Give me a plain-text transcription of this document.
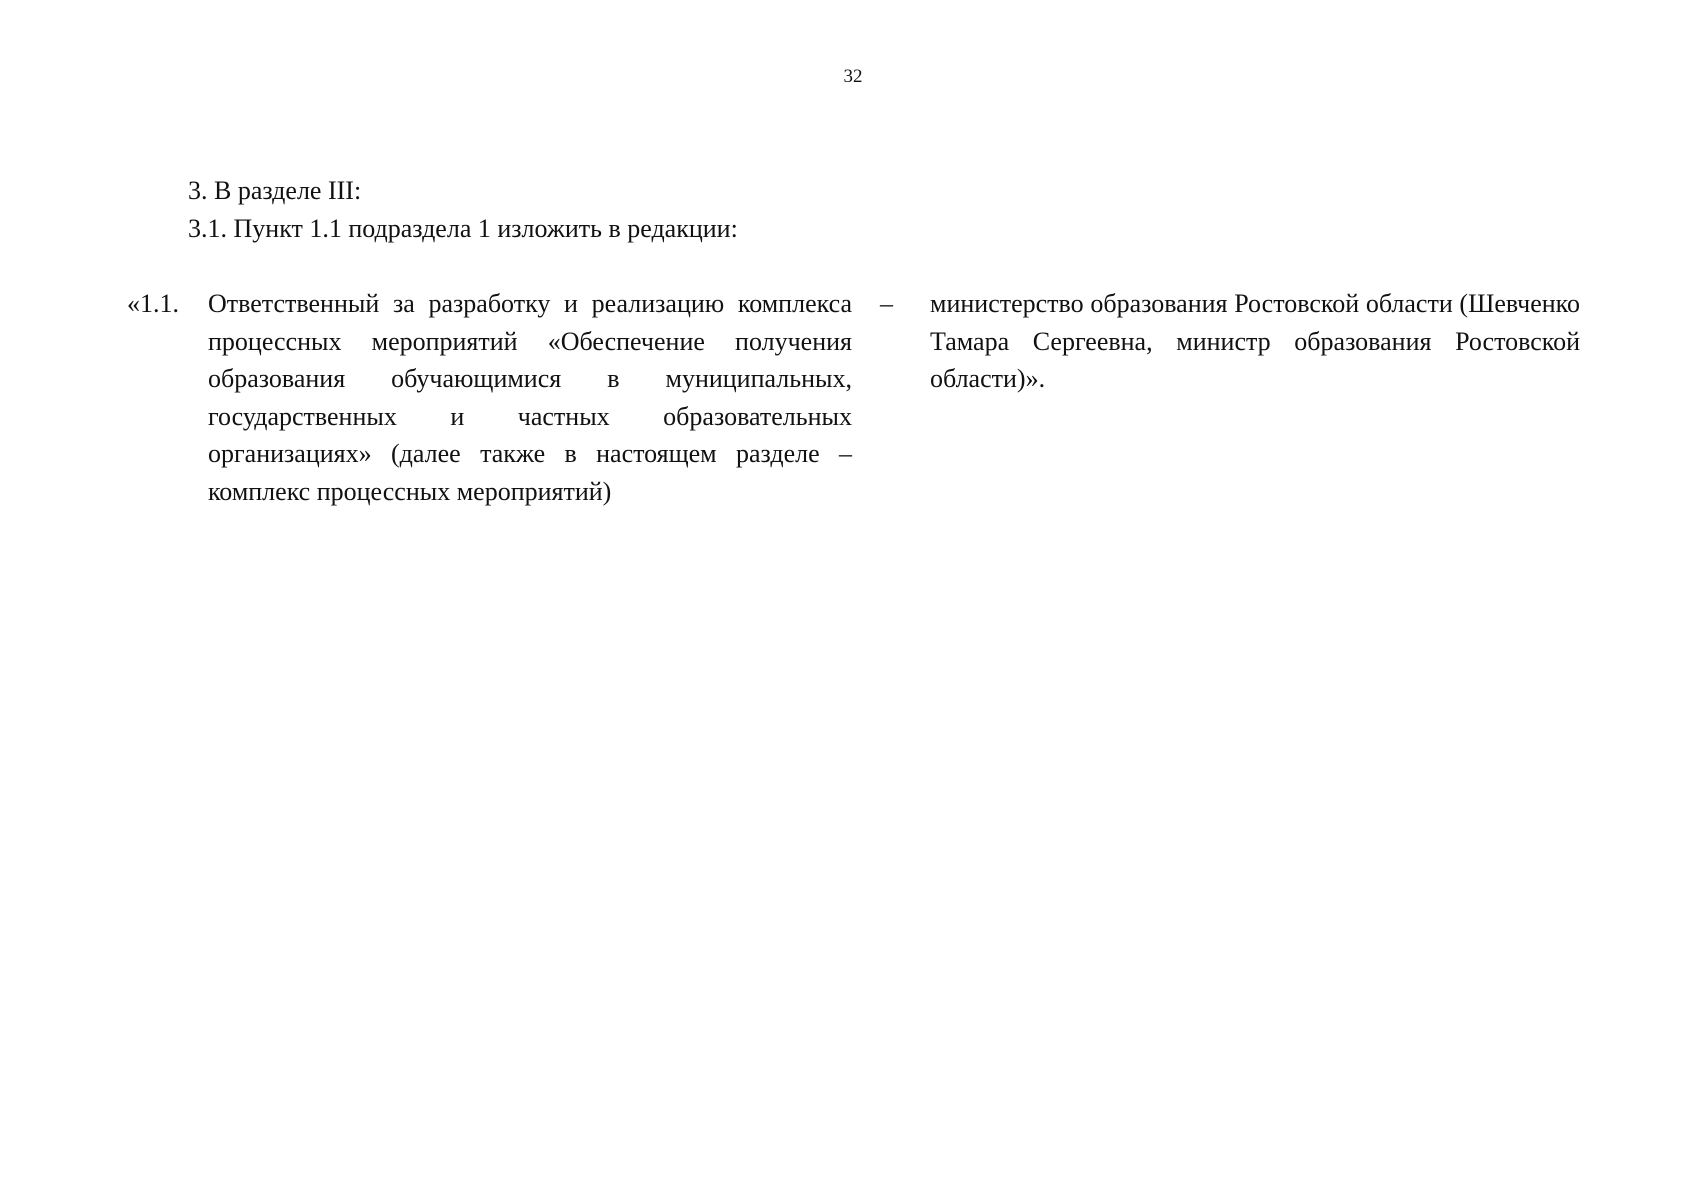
32
3. В разделе III:
3.1. Пункт 1.1 подраздела 1 изложить в редакции:
«1.1. Ответственный за разработку и реализацию комплекса процессных мероприятий «Обеспечение получения образования обучающимися в муниципальных, государственных и частных образовательных организациях» (далее также в настоящем разделе – комплекс процессных мероприятий)
– министерство образования Ростовской области (Шевченко Тамара Сергеевна, министр образования Ростовской области)».
